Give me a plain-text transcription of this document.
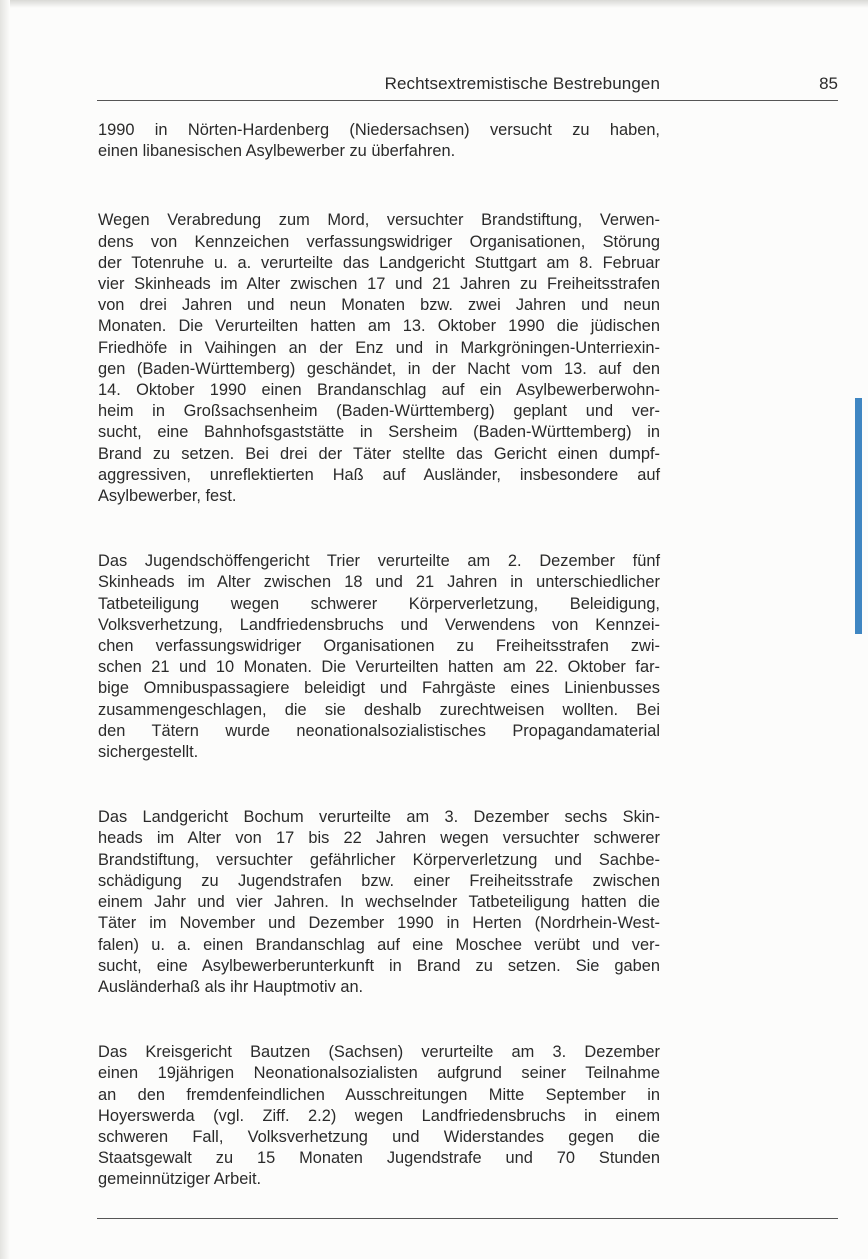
Rechtsextremistische Bestrebungen	85

1990 in Nörten-Hardenberg (Niedersachsen) versucht zu haben,
einen libanesischen Asylbewerber zu überfahren.

Wegen Verabredung zum Mord, versuchter Brandstiftung, Verwen-
dens von Kennzeichen verfassungswidriger Organisationen, Störung
der Totenruhe u. a. verurteilte das Landgericht Stuttgart am 8. Februar
vier Skinheads im Alter zwischen 17 und 21 Jahren zu Freiheitsstrafen
von drei Jahren und neun Monaten bzw. zwei Jahren und neun
Monaten. Die Verurteilten hatten am 13. Oktober 1990 die jüdischen
Friedhöfe in Vaihingen an der Enz und in Markgröningen-Unterriexin-
gen (Baden-Württemberg) geschändet, in der Nacht vom 13. auf den
14. Oktober 1990 einen Brandanschlag auf ein Asylbewerberwohn-
heim in Großsachsenheim (Baden-Württemberg) geplant und ver-
sucht, eine Bahnhofsgaststätte in Sersheim (Baden-Württemberg) in
Brand zu setzen. Bei drei der Täter stellte das Gericht einen dumpf-
aggressiven, unreflektierten Haß auf Ausländer, insbesondere auf
Asylbewerber, fest.

Das Jugendschöffengericht Trier verurteilte am 2. Dezember fünf
Skinheads im Alter zwischen 18 und 21 Jahren in unterschiedlicher
Tatbeteiligung wegen schwerer Körperverletzung, Beleidigung,
Volksverhetzung, Landfriedensbruchs und Verwendens von Kennzei-
chen verfassungswidriger Organisationen zu Freiheitsstrafen zwi-
schen 21 und 10 Monaten. Die Verurteilten hatten am 22. Oktober far-
bige Omnibuspassagiere beleidigt und Fahrgäste eines Linienbusses
zusammengeschlagen, die sie deshalb zurechtweisen wollten. Bei
den Tätern wurde neonationalsozialistisches Propagandamaterial
sichergestellt.

Das Landgericht Bochum verurteilte am 3. Dezember sechs Skin-
heads im Alter von 17 bis 22 Jahren wegen versuchter schwerer
Brandstiftung, versuchter gefährlicher Körperverletzung und Sachbe-
schädigung zu Jugendstrafen bzw. einer Freiheitsstrafe zwischen
einem Jahr und vier Jahren. In wechselnder Tatbeteiligung hatten die
Täter im November und Dezember 1990 in Herten (Nordrhein-West-
falen) u. a. einen Brandanschlag auf eine Moschee verübt und ver-
sucht, eine Asylbewerberunterkunft in Brand zu setzen. Sie gaben
Ausländerhaß als ihr Hauptmotiv an.

Das Kreisgericht Bautzen (Sachsen) verurteilte am 3. Dezember
einen 19jährigen Neonationalsozialisten aufgrund seiner Teilnahme
an den fremdenfeindlichen Ausschreitungen Mitte September in
Hoyerswerda (vgl. Ziff. 2.2) wegen Landfriedensbruchs in einem
schweren Fall, Volksverhetzung und Widerstandes gegen die
Staatsgewalt zu 15 Monaten Jugendstrafe und 70 Stunden
gemeinnütziger Arbeit.
